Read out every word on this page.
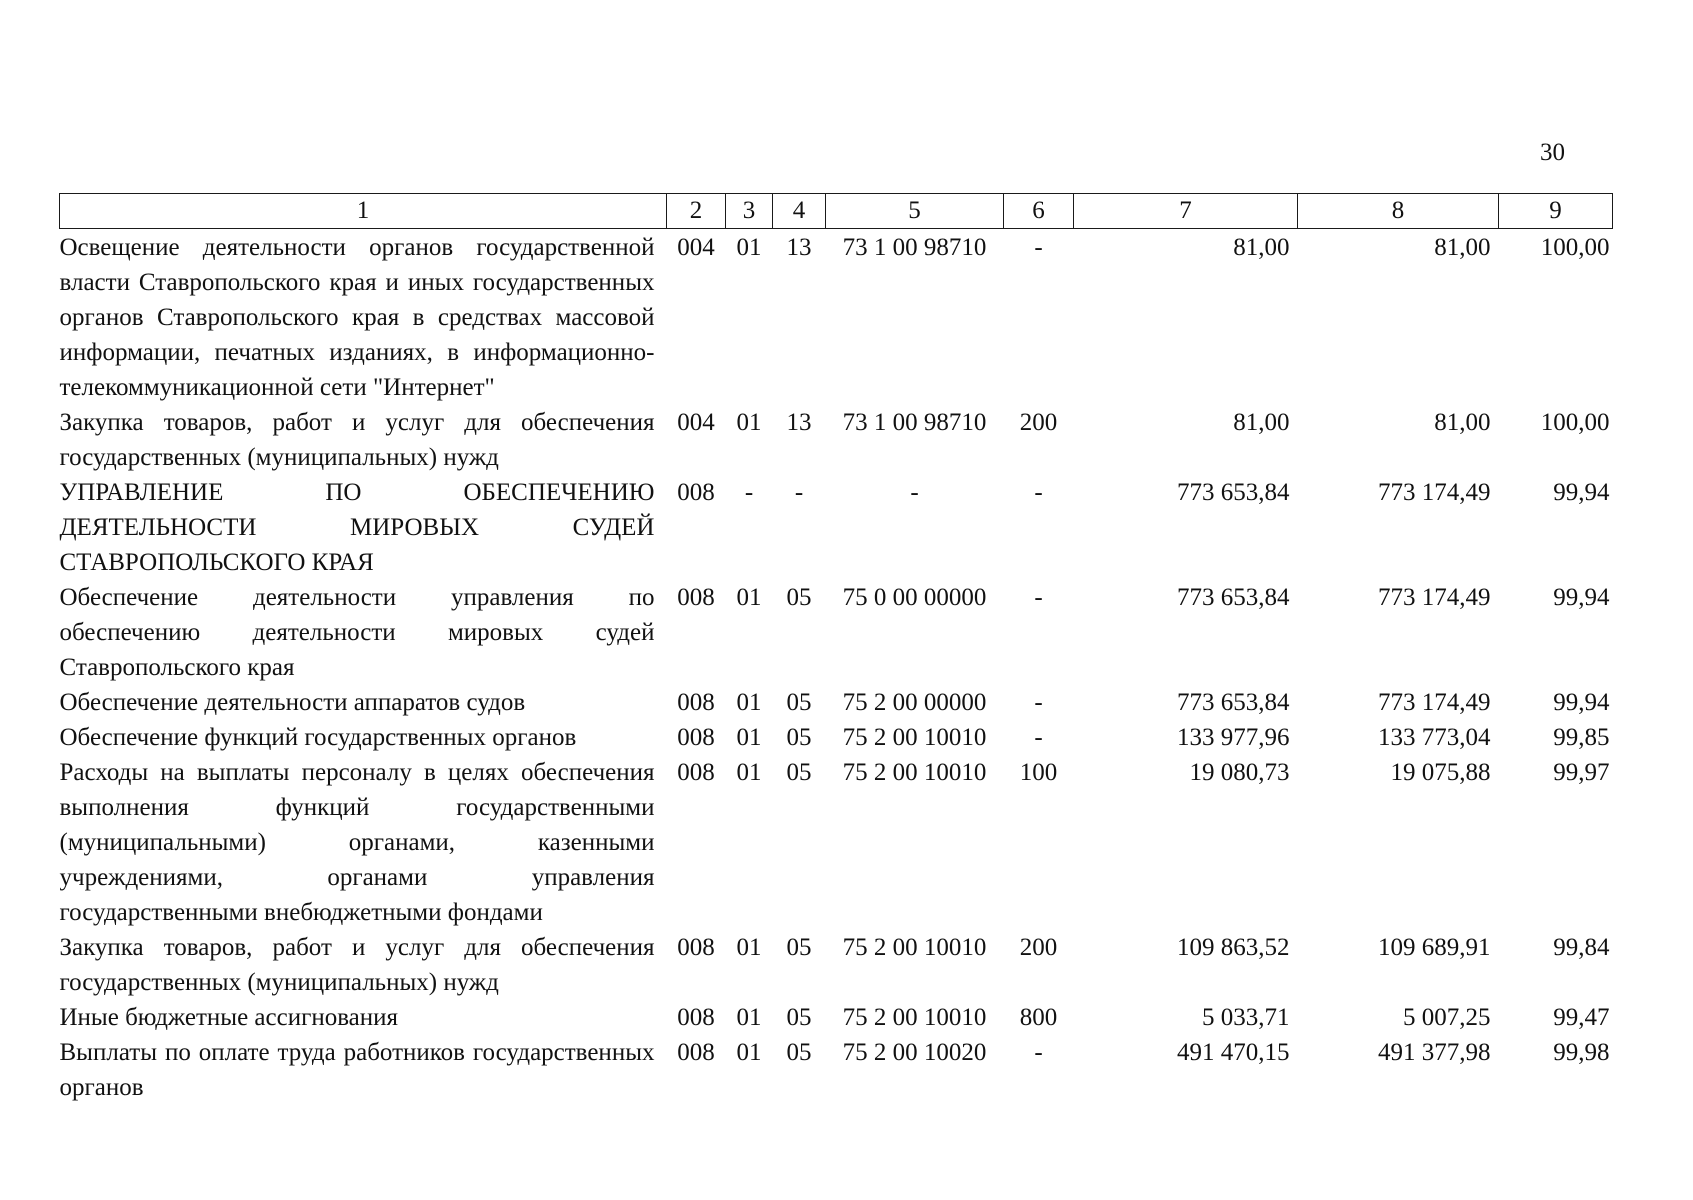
30
1	2	3	4	5	6	7	8	9
Освещение деятельности органов государственной власти Ставропольского края и иных государственных органов Ставропольского края в средствах массовой информации, печатных изданиях, в информационно-телекоммуникационной сети "Интернет"	004	01	13	73 1 00 98710	-	81,00	81,00	100,00
Закупка товаров, работ и услуг для обеспечения государственных (муниципальных) нужд	004	01	13	73 1 00 98710	200	81,00	81,00	100,00
УПРАВЛЕНИЕ ПО ОБЕСПЕЧЕНИЮ ДЕЯТЕЛЬНОСТИ МИРОВЫХ СУДЕЙ СТАВРОПОЛЬСКОГО КРАЯ	008	-	-	-	-	773 653,84	773 174,49	99,94
Обеспечение деятельности управления по обеспечению деятельности мировых судей Ставропольского края	008	01	05	75 0 00 00000	-	773 653,84	773 174,49	99,94
Обеспечение деятельности аппаратов судов	008	01	05	75 2 00 00000	-	773 653,84	773 174,49	99,94
Обеспечение функций государственных органов	008	01	05	75 2 00 10010	-	133 977,96	133 773,04	99,85
Расходы на выплаты персоналу в целях обеспечения выполнения функций государственными (муниципальными) органами, казенными учреждениями, органами управления государственными внебюджетными фондами	008	01	05	75 2 00 10010	100	19 080,73	19 075,88	99,97
Закупка товаров, работ и услуг для обеспечения государственных (муниципальных) нужд	008	01	05	75 2 00 10010	200	109 863,52	109 689,91	99,84
Иные бюджетные ассигнования	008	01	05	75 2 00 10010	800	5 033,71	5 007,25	99,47
Выплаты по оплате труда работников государственных органов	008	01	05	75 2 00 10020	-	491 470,15	491 377,98	99,98
